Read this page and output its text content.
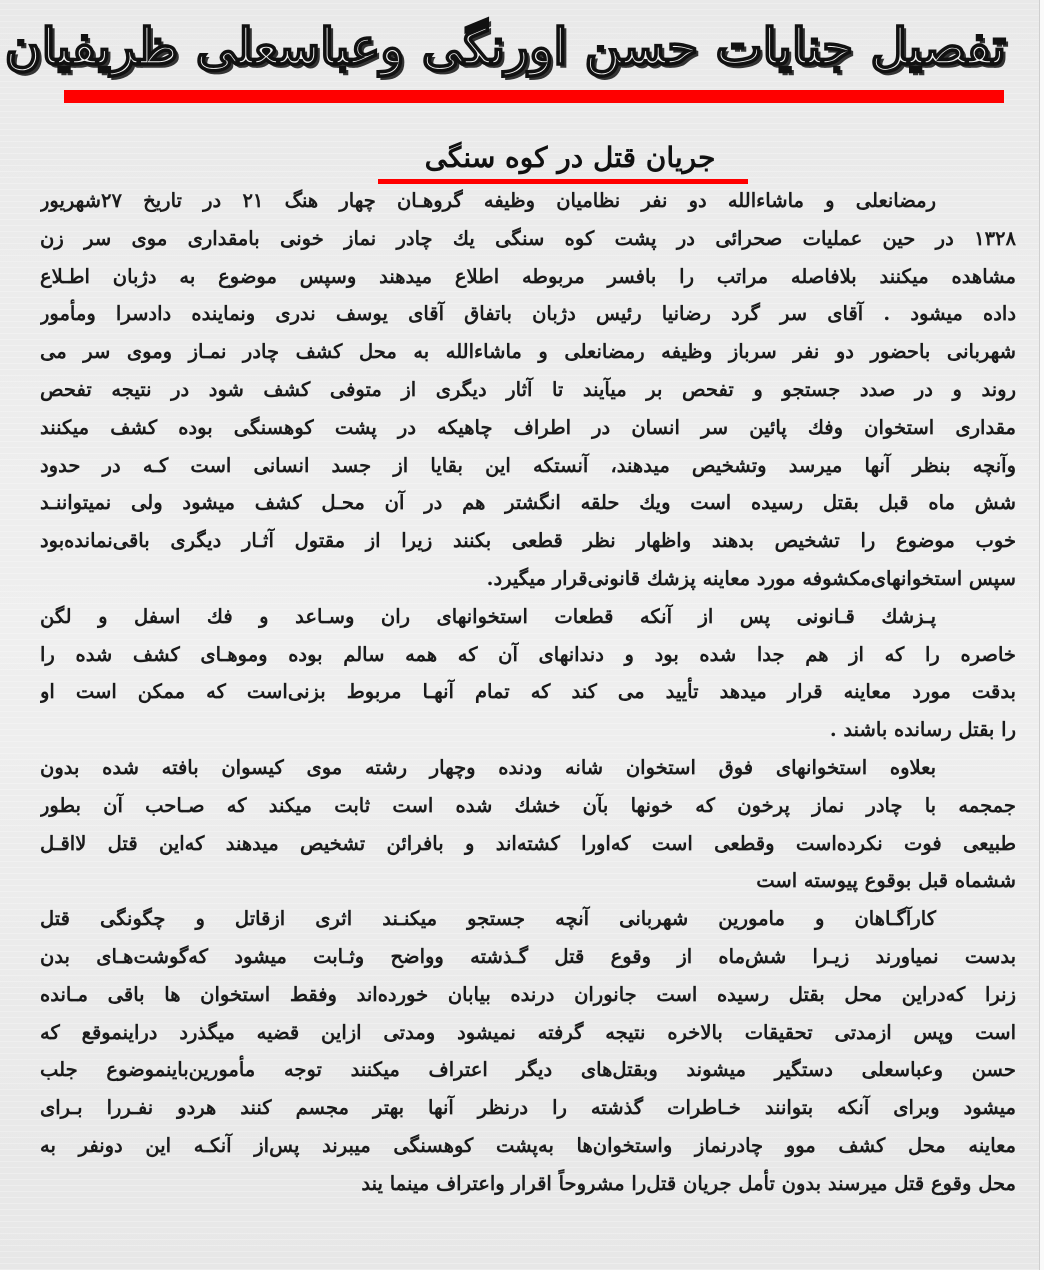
تفصیل جنایات حسن اورنگی وعباسعلی ظریفیان
جریان قتل در کوه سنگی
رمضانعلی و ماشاءالله دو نفر نظامیان وظیفه گروهـان چهار هنگ ۲۱ در تاریخ ۲۷شهریور
۱۳۲۸ در حین عملیات صحرائی در پشت کوه سنگی یك چادر نماز خونی بامقداری موی سر زن
مشاهده میکنند بلافاصله مراتب را بافسر مربوطه اطلاع میدهند وسپس موضوع به دژبان اطـلاع
داده میشود . آقای سر گرد رضانیا رئیس دژبان باتفاق آقای یوسف ندری ونماینده دادسرا ومأمور
شهربانی باحضور دو نفر سرباز وظیفه رمضانعلی و ماشاءالله به محل کشف چادر نمـاز وموی سر می
روند و در صدد جستجو و تفحص بر میآیند تا آثار دیگری از متوفی کشف شود در نتیجه تفحص
مقداری استخوان وفك پائین سر انسان در اطراف چاهیکه در پشت کوهسنگی بوده کشف میکنند
وآنچه بنظر آنها میرسد وتشخیص میدهند، آنستکه این بقایا از جسد انسانی است کـه در حدود
شش ماه قبل بقتل رسیده است ویك حلقه انگشتر هم در آن محـل کشف میشود ولی نمیتواننـد
خوب موضوع را تشخیص بدهند واظهار نظر قطعی بکنند زیرا از مقتول آثـار دیگری باقی‌نمانده‌بود
سپس استخوانهای‌مکشوفه مورد معاینه پزشك قانونی‌قرار میگیرد.
پـزشك قـانونی پس از آنکه قطعات استخوانهای ران وسـاعد و فك اسفل و لگن
خاصره را که از هم جدا شده بود و دندانهای آن که همه سالم بوده وموهـای کشف شده را
بدقت مورد معاینه قرار میدهد تأیید می کند که تمام آنهـا مربوط بزنی‌است که ممکن است او
را بقتل رسانده باشند .
بعلاوه استخوانهای فوق استخوان شانه ودنده وچهار رشته موی کیسوان بافته شده بدون
جمجمه با چادر نماز پرخون که خونها بآن خشك شده است ثابت میکند که صـاحب آن بطور
طبیعی فوت نکرده‌است وقطعی است که‌اورا کشته‌اند و بافرائن تشخیص میدهند که‌این قتل لااقـل
ششماه قبل بوقوع پیوسته است
کارآگـاهان و مامورین شهربانی آنچه جستجو میکنـند اثری ازقاتل و چگونگی قتل
بدست نمیاورند زیـرا شش‌ماه از وقوع قتل گـذشته وواضح وثـابت میشود که‌گوشت‌هـای بدن
زنرا که‌دراین محل بقتل رسیده است جانوران درنده بیابان خورده‌اند وفقط استخوان ها باقی مـانده
است وپس ازمدتی تحقیقات بالاخره نتیجه گرفته نمیشود ومدتی ازاین قضیه میگذرد دراینموقع که
حسن وعباسعلی دستگیر میشوند وبقتل‌های دیگر اعتراف میکنند توجه مأمورین‌باینموضوع جلب
میشود وبرای آنکه بتوانند خـاطرات گذشته را درنظر آنها بهتر مجسم کنند هردو نفـررا بـرای
معاینه محل کشف موو چادرنماز واستخوان‌ها به‌پشت کوهسنگی میبرند پس‌از آنکـه این دونفر به
محل وقوع قتل میرسند بدون تأمل جریان قتل‌را مشروحاً اقرار واعتراف مینما یند
